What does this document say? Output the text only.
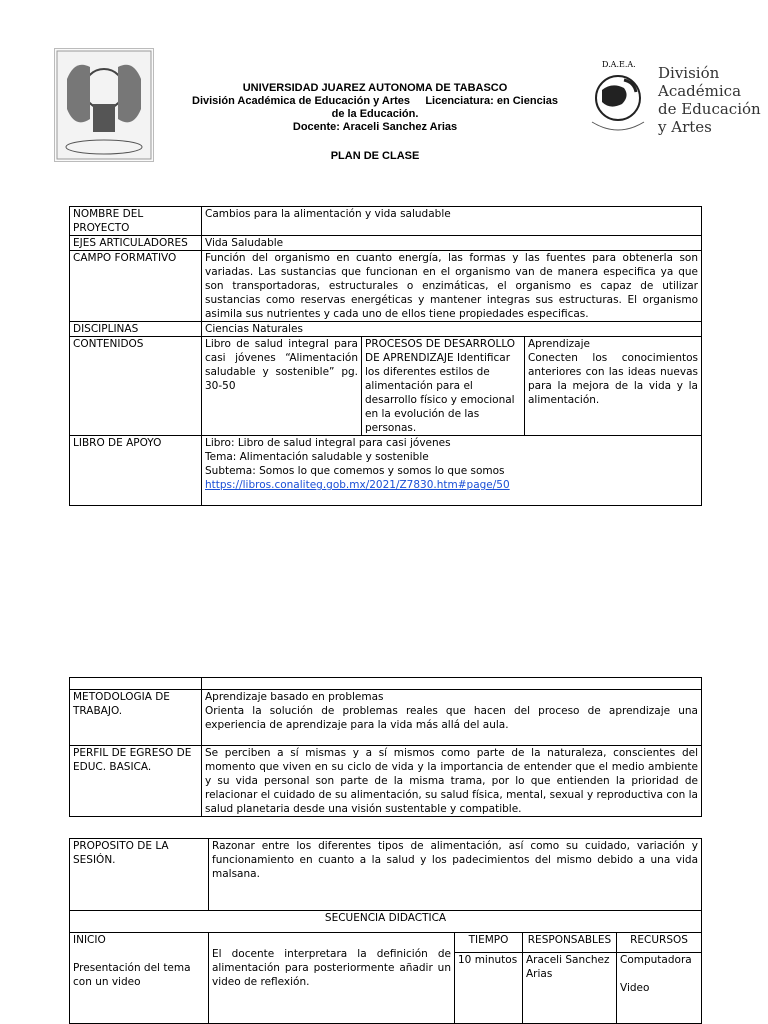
UNIVERSIDAD JUAREZ AUTONOMA DE TABASCO
División Académica de Educación y Artes     Licenciatura: en Ciencias
de la Educación.
Docente: Araceli Sanchez Arias
PLAN DE CLASE
D.A.E.A. División
Académica
de Educación
y Artes
NOMBRE DEL PROYECTO	Cambios para la alimentación y vida saludable		
EJES ARTICULADORES	Vida Saludable		
CAMPO FORMATIVO	Función del organismo en cuanto energía, las formas y las fuentes para obtenerla son variadas. Las sustancias que funcionan en el organismo van de manera especifica ya que son transportadoras, estructurales o enzimáticas, el organismo es capaz de utilizar sustancias como reservas energéticas y mantener integras sus estructuras. El organismo asimila sus nutrientes y cada uno de ellos tiene propiedades especificas.		
DISCIPLINAS	Ciencias Naturales		
CONTENIDOS	Libro de salud integral para casi jóvenes “Alimentación saludable y sostenible” pg. 30-50	PROCESOS DE DESARROLLO DE APRENDIZAJE Identificar los diferentes estilos de alimentación para el desarrollo físico y emocional en la evolución de las personas.	Aprendizaje
Conecten los conocimientos anteriores con las ideas nuevas para la mejora de la vida y la alimentación.

LIBRO DE APOYO	Libro: Libro de salud integral para casi jóvenes
Tema: Alimentación saludable y sostenible
Subtema: Somos lo que comemos y somos lo que somos
https://libros.conaliteg.gob.mx/2021/Z7830.htm#page/50		

METODOLOGIA DE TRABAJO.	Aprendizaje basado en problemas
Orienta la solución de problemas reales que hacen del proceso de aprendizaje una experiencia de aprendizaje para la vida más allá del aula.

PERFIL DE EGRESO DE EDUC. BASICA.	Se perciben a sí mismas y a sí mismos como parte de la naturaleza, conscientes del momento que viven en su ciclo de vida y la importancia de entender que el medio ambiente y su vida personal son parte de la misma trama, por lo que entienden la prioridad de relacionar el cuidado de su alimentación, su salud física, mental, sexual y reproductiva con la salud planetaria desde una visión sustentable y compatible.
PROPOSITO DE LA SESIÓN.	Razonar entre los diferentes tipos de alimentación, así como su cuidado, variación y funcionamiento en cuanto a la salud y los padecimientos del mismo debido a una vida malsana.			
SECUENCIA DIDACTICA				

INICIO
Presentación del tema con un video	El docente interpretara la definición de alimentación para posteriormente añadir un video de reflexión.	TIEMPO	RESPONSABLES	RECURSOS
		10 minutos	Araceli Sanchez Arias	Computadora
Video
